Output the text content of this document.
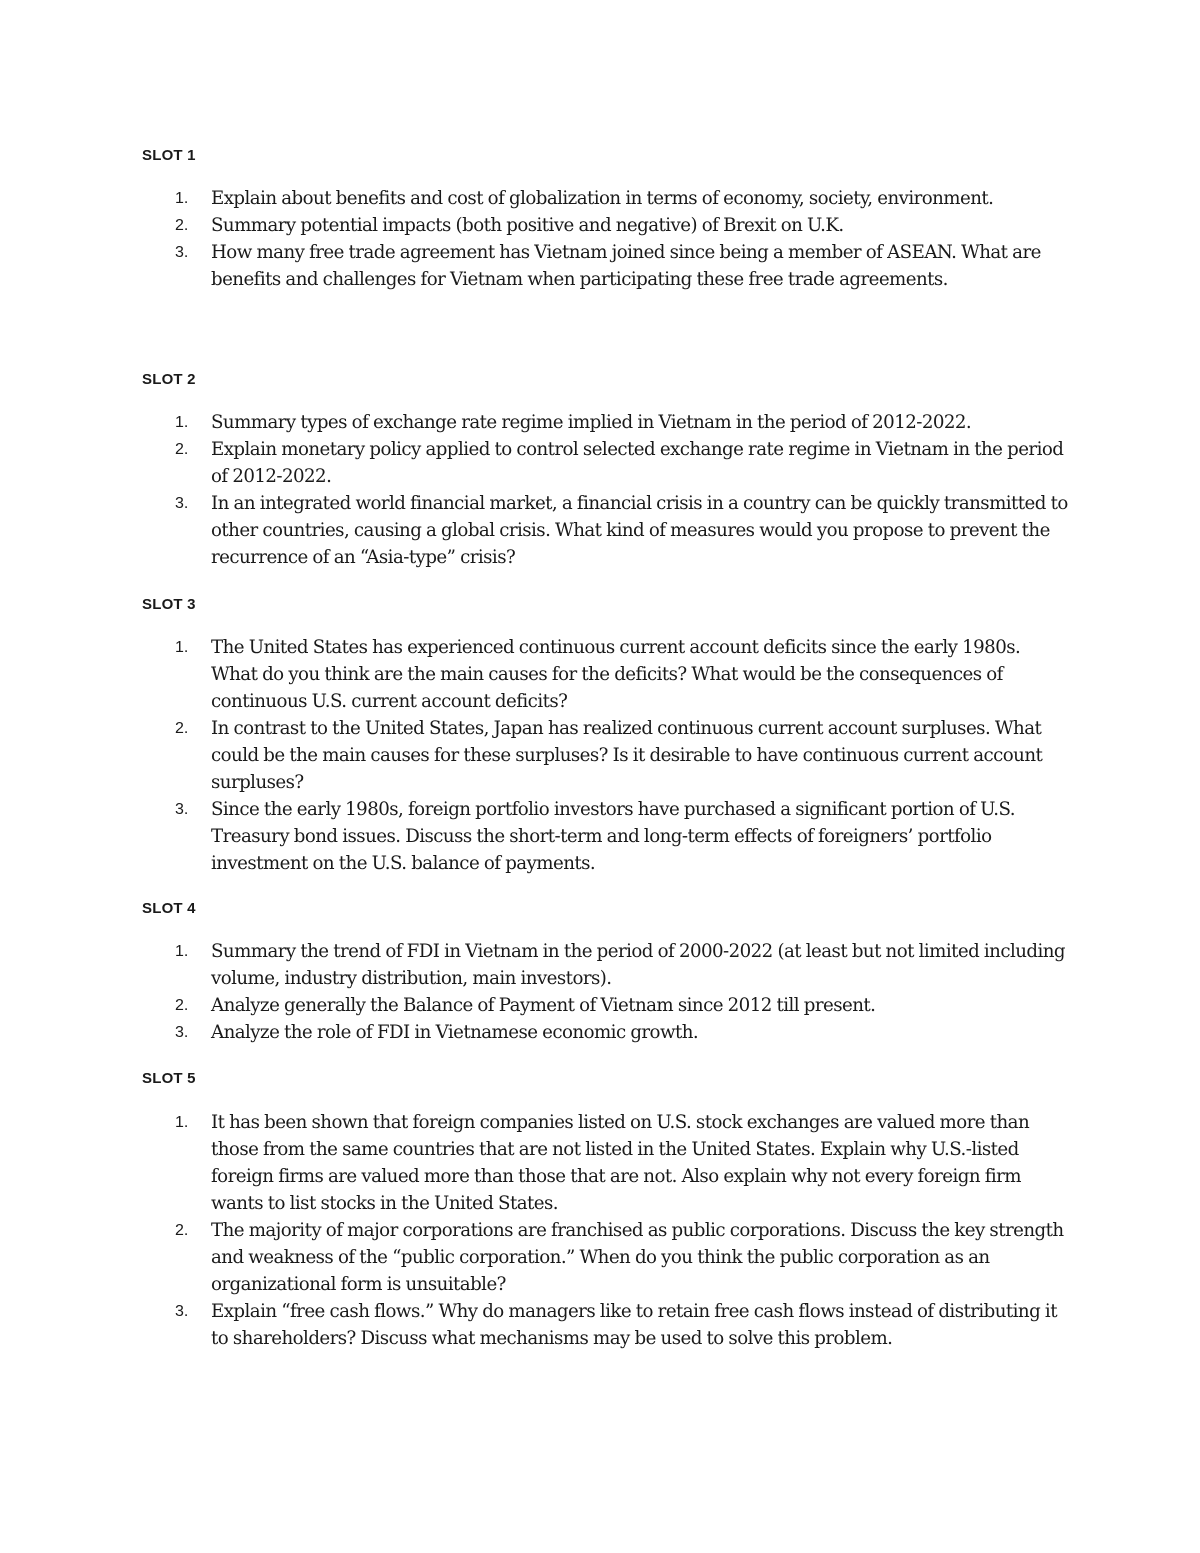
SLOT 1
1. Explain about benefits and cost of globalization in terms of economy, society, environment.
2. Summary potential impacts (both positive and negative) of Brexit on U.K.
3. How many free trade agreement has Vietnam joined since being a member of ASEAN. What are benefits and challenges for Vietnam when participating these free trade agreements.
SLOT 2
1. Summary types of exchange rate regime implied in Vietnam in the period of 2012-2022.
2. Explain monetary policy applied to control selected exchange rate regime in Vietnam in the period of 2012-2022.
3. In an integrated world financial market, a financial crisis in a country can be quickly transmitted to other countries, causing a global crisis. What kind of measures would you propose to prevent the recurrence of an “Asia-type” crisis?
SLOT 3
1. The United States has experienced continuous current account deficits since the early 1980s. What do you think are the main causes for the deficits? What would be the consequences of continuous U.S. current account deficits?
2. In contrast to the United States, Japan has realized continuous current account surpluses. What could be the main causes for these surpluses? Is it desirable to have continuous current account surpluses?
3. Since the early 1980s, foreign portfolio investors have purchased a significant portion of U.S. Treasury bond issues. Discuss the short-term and long-term effects of foreigners’ portfolio investment on the U.S. balance of payments.
SLOT 4
1. Summary the trend of FDI in Vietnam in the period of 2000-2022 (at least but not limited including volume, industry distribution, main investors).
2. Analyze generally the Balance of Payment of Vietnam since 2012 till present.
3. Analyze the role of FDI in Vietnamese economic growth.
SLOT 5
1. It has been shown that foreign companies listed on U.S. stock exchanges are valued more than those from the same countries that are not listed in the United States. Explain why U.S.-listed foreign firms are valued more than those that are not. Also explain why not every foreign firm wants to list stocks in the United States.
2. The majority of major corporations are franchised as public corporations. Discuss the key strength and weakness of the “public corporation.” When do you think the public corporation as an organizational form is unsuitable?
3. Explain “free cash flows.” Why do managers like to retain free cash flows instead of distributing it to shareholders? Discuss what mechanisms may be used to solve this problem.
